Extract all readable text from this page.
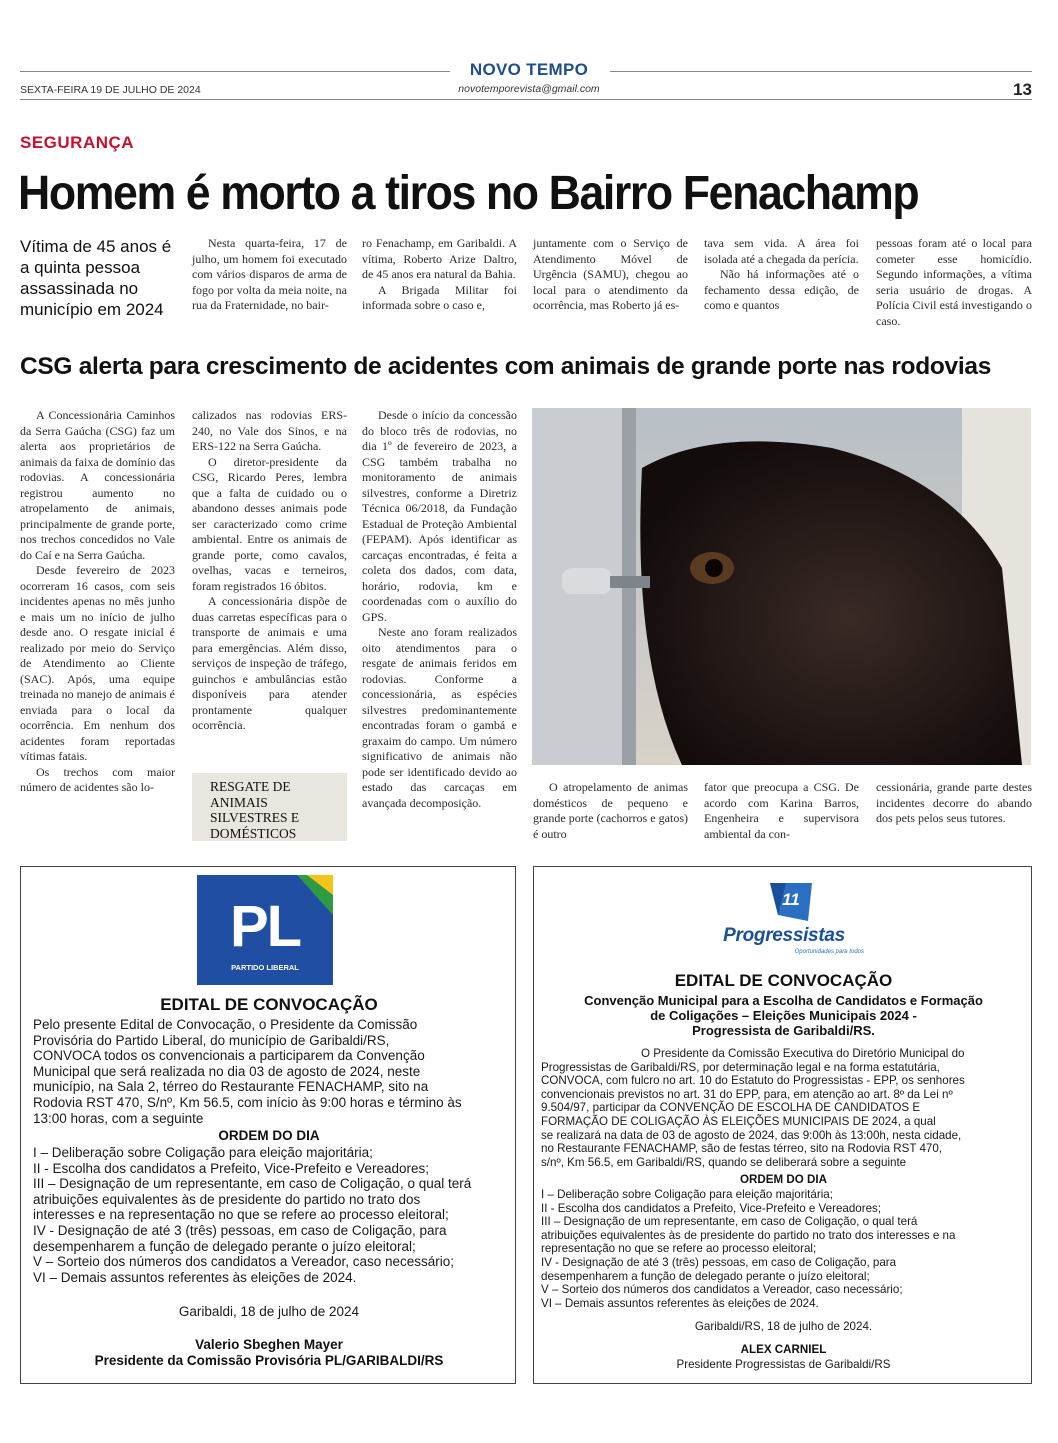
NOVO TEMPO
novotemporevista@gmail.com
SEXTA-FEIRA 19 DE JULHO DE 2024	13
SEGURANÇA
Homem é morto a tiros no Bairro Fenachamp
Vítima de 45 anos é a quinta pessoa assassinada no município em 2024

Nesta quarta-feira, 17 de julho, um homem foi executado com vários disparos de arma de fogo por volta da meia noite, na rua da Fraternidade, no bair-

ro Fenachamp, em Garibaldi. A vítima, Roberto Arize Daltro, de 45 anos era natural da Bahia.

A Brigada Militar foi informada sobre o caso e,

juntamente com o Serviço de Atendimento Móvel de Urgência (SAMU), chegou ao local para o atendimento da ocorrência, mas Roberto já es-

tava sem vida. A área foi isolada até a chegada da perícia.

Não há informações até o fechamento dessa edição, de como e quantos

pessoas foram até o local para cometer esse homicídio. Segundo informações, a vítima seria usuário de drogas. A Polícia Civil está investigando o caso.

CSG alerta para crescimento de acidentes com animais de grande porte nas rodovias

A Concessionária Caminhos da Serra Gaúcha (CSG) faz um alerta aos proprietários de animais da faixa de domínio das rodovias. A concessionária registrou aumento no atropelamento de animais, principalmente de grande porte, nos trechos concedidos no Vale do Caí e na Serra Gaúcha.

Desde fevereiro de 2023 ocorreram 16 casos, com seis incidentes apenas no mês junho e mais um no início de julho desde ano. O resgate inicial é realizado por meio do Serviço de Atendimento ao Cliente (SAC). Após, uma equipe treinada no manejo de animais é enviada para o local da ocorrência. Em nenhum dos acidentes foram reportadas vítimas fatais.

Os trechos com maior número de acidentes são lo-

calizados nas rodovias ERS-240, no Vale dos Sinos, e na ERS-122 na Serra Gaúcha.

O diretor-presidente da CSG, Ricardo Peres, lembra que a falta de cuidado ou o abandono desses animais pode ser caracterizado como crime ambiental. Entre os animais de grande porte, como cavalos, ovelhas, vacas e terneiros, foram registrados 16 óbitos.

A concessionária dispõe de duas carretas específicas para o transporte de animais e uma para emergências. Além disso, serviços de inspeção de tráfego, guinchos e ambulâncias estão disponíveis para atender prontamente qualquer ocorrência.

Desde o início da concessão do bloco três de rodovias, no dia 1º de fevereiro de 2023, a CSG também trabalha no monitoramento de animais silvestres, conforme a Diretriz Técnica 06/2018, da Fundação Estadual de Proteção Ambiental (FEPAM). Após identificar as carcaças encontradas, é feita a coleta dos dados, com data, horário, rodovia, km e coordenadas com o auxílio do GPS.

Neste ano foram realizados oito atendimentos para o resgate de animais feridos em rodovias. Conforme a concessionária, as espécies silvestres predominantemente encontradas foram o gambá e graxaim do campo. Um número significativo de animais não pode ser identificado devido ao estado das carcaças em avançada decomposição.

RESGATE DE ANIMAIS SILVESTRES E DOMÉSTICOS

O atropelamento de animas domésticos de pequeno e grande porte (cachorros e gatos) é outro

fator que preocupa a CSG. De acordo com Karina Barros, Engenheira e supervisora ambiental da con-

cessionária, grande parte destes incidentes decorre do abando dos pets pelos seus tutores.

PL
PARTIDO LIBERAL
EDITAL DE CONVOCAÇÃO
Pelo presente Edital de Convocação, o Presidente da Comissão
Provisória do Partido Liberal, do município de Garibaldi/RS,
CONVOCA todos os convencionais a participarem da Convenção
Municipal que será realizada no dia 03 de agosto de 2024, neste
município, na Sala 2, térreo do Restaurante FENACHAMP, sito na
Rodovia RST 470, S/nº, Km 56.5, com início às 9:00 horas e término às
13:00 horas, com a seguinte
ORDEM DO DIA
I – Deliberação sobre Coligação para eleição majoritária;
II - Escolha dos candidatos a Prefeito, Vice-Prefeito e Vereadores;
III – Designação de um representante, em caso de Coligação, o qual terá
atribuições equivalentes às de presidente do partido no trato dos
interesses e na representação no que se refere ao processo eleitoral;
IV - Designação de até 3 (três) pessoas, em caso de Coligação, para
desempenharem a função de delegado perante o juízo eleitoral;
V – Sorteio dos números dos candidatos a Vereador, caso necessário;
VI – Demais assuntos referentes às eleições de 2024.
Garibaldi, 18 de julho de 2024
Valerio Sbeghen Mayer
Presidente da Comissão Provisória PL/GARIBALDI/RS
11
Progressistas
Oportunidades para todos
EDITAL DE CONVOCAÇÃO
Convenção Municipal para a Escolha de Candidatos e Formação
de Coligações – Eleições Municipais 2024 -
Progressista de Garibaldi/RS.
O Presidente da Comissão Executiva do Diretório Municipal do
Progressistas de Garibaldi/RS, por determinação legal e na forma estatutária,
CONVOCA, com fulcro no art. 10 do Estatuto do Progressistas - EPP, os senhores
convencionais previstos no art. 31 do EPP, para, em atenção ao art. 8º da Lei nº
9.504/97, participar da CONVENÇÃO DE ESCOLHA DE CANDIDATOS E
FORMAÇÃO DE COLIGAÇÃO ÀS ELEIÇÕES MUNICIPAIS DE 2024, a qual
se realizará na data de 03 de agosto de 2024, das 9:00h às 13:00h, nesta cidade,
no Restaurante FENACHAMP, são de festas térreo, sito na Rodovia RST 470,
s/nº, Km 56.5, em Garibaldi/RS, quando se deliberará sobre a seguinte
ORDEM DO DIA
I – Deliberação sobre Coligação para eleição majoritária;
II - Escolha dos candidatos a Prefeito, Vice-Prefeito e Vereadores;
III – Designação de um representante, em caso de Coligação, o qual terá
atribuições equivalentes às de presidente do partido no trato dos interesses e na
representação no que se refere ao processo eleitoral;
IV - Designação de até 3 (três) pessoas, em caso de Coligação, para
desempenharem a função de delegado perante o juízo eleitoral;
V – Sorteio dos números dos candidatos a Vereador, caso necessário;
VI – Demais assuntos referentes às eleições de 2024.
Garibaldi/RS, 18 de julho de 2024.
ALEX CARNIEL
Presidente Progressistas de Garibaldi/RS
